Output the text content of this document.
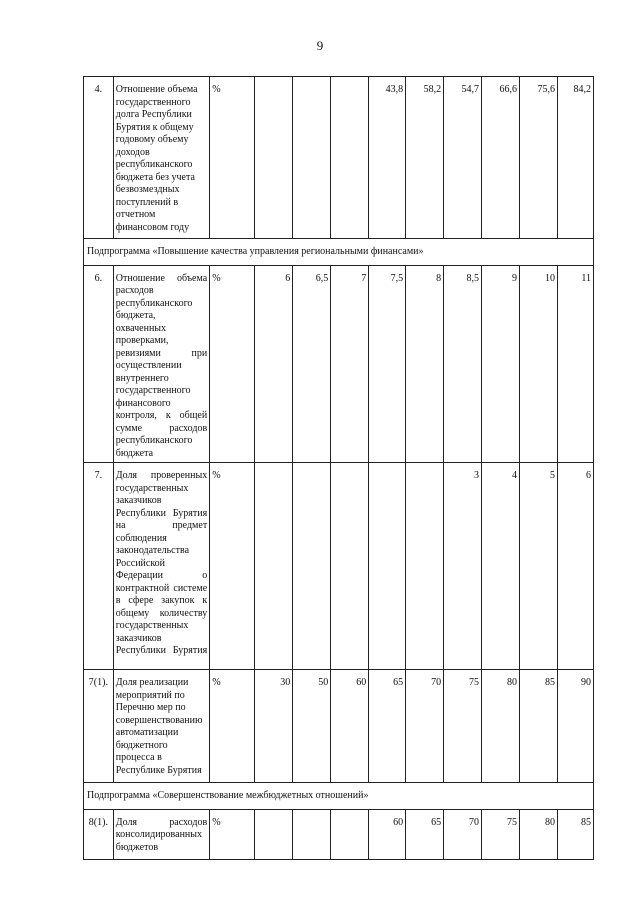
9
4.	Отношение объема государственного долга Республики Бурятия к общему годовому объему доходов республиканского бюджета без учета безвозмездных поступлений в отчетном финансовом году	%				43,8	58,2	54,7	66,6	75,6	84,2
Подпрограмма «Повышение качества управления региональными финансами»											
6.	Отношение объема расходов республиканского бюджета, охваченных проверками, ревизиями при осуществлении внутреннего государственного финансового контроля, к общей сумме расходов республиканского бюджета	%	6	6,5	7	7,5	8	8,5	9	10	11
7.	Доля проверенных государственных заказчиков Республики Бурятия на предмет соблюдения законодательства Российской Федерации о контрактной системе в сфере закупок к общему количеству государственных заказчиков Республики Бурятия	%						3	4	5	6
7(1).	Доля реализации мероприятий по Перечню мер по совершенствованию автоматизации бюджетного процесса в Республике Бурятия	%	30	50	60	65	70	75	80	85	90
Подпрограмма «Совершенствование межбюджетных отношений»											
8(1).	Доля расходов консолидированных бюджетов	%				60	65	70	75	80	85
